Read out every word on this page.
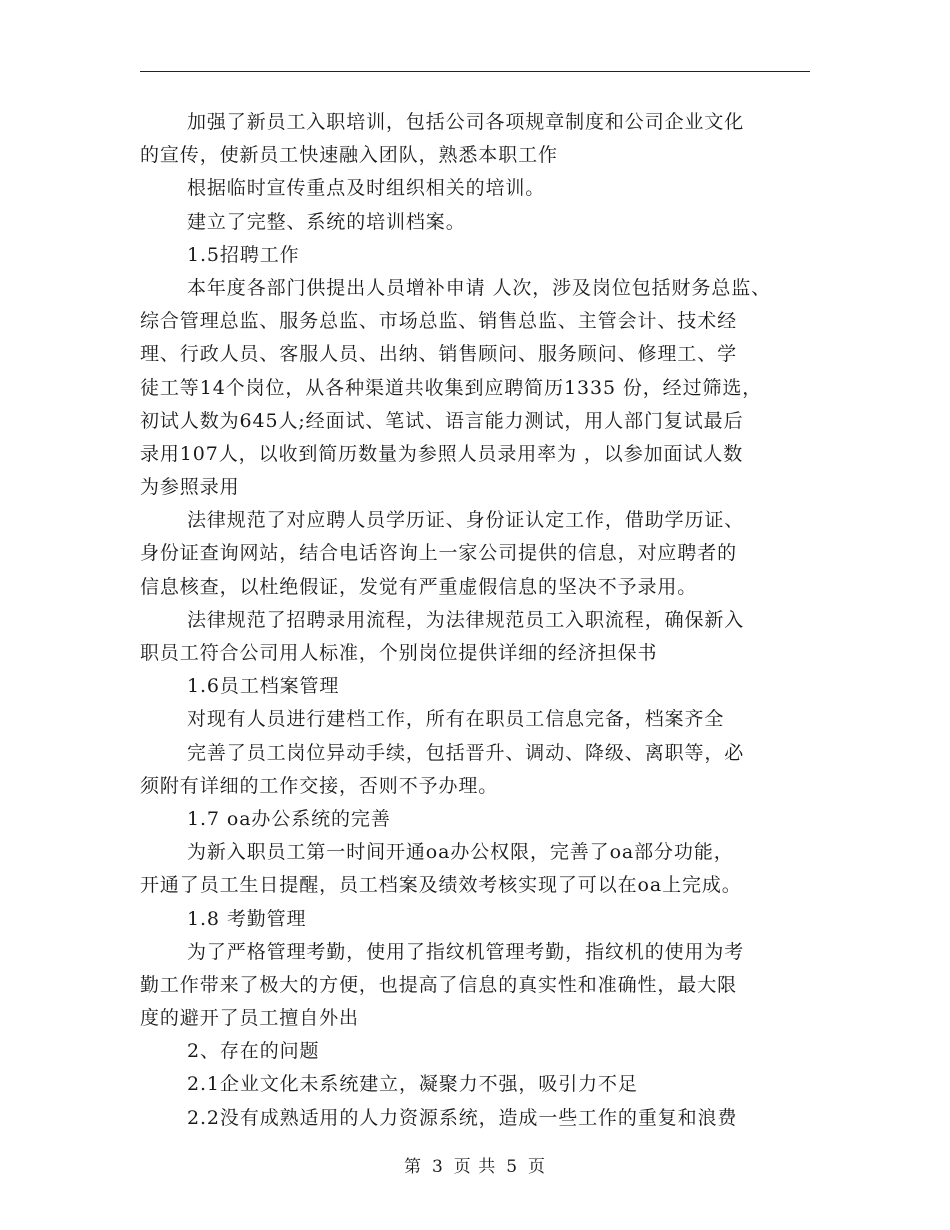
加强了新员工入职培训，包括公司各项规章制度和公司企业文化
的宣传，使新员工快速融入团队，熟悉本职工作
根据临时宣传重点及时组织相关的培训。
建立了完整、系统的培训档案。
1.5招聘工作
本年度各部门供提出人员增补申请 人次，涉及岗位包括财务总监、
综合管理总监、服务总监、市场总监、销售总监、主管会计、技术经
理、行政人员、客服人员、出纳、销售顾问、服务顾问、修理工、学
徒工等14个岗位，从各种渠道共收集到应聘简历1335 份，经过筛选，
初试人数为645人;经面试、笔试、语言能力测试，用人部门复试最后
录用107人，以收到简历数量为参照人员录用率为 ，以参加面试人数
为参照录用
法律规范了对应聘人员学历证、身份证认定工作，借助学历证、
身份证查询网站，结合电话咨询上一家公司提供的信息，对应聘者的
信息核查，以杜绝假证，发觉有严重虚假信息的坚决不予录用。
法律规范了招聘录用流程，为法律规范员工入职流程，确保新入
职员工符合公司用人标准，个别岗位提供详细的经济担保书
1.6员工档案管理
对现有人员进行建档工作，所有在职员工信息完备，档案齐全
完善了员工岗位异动手续，包括晋升、调动、降级、离职等，必
须附有详细的工作交接，否则不予办理。
1.7 oa办公系统的完善
为新入职员工第一时间开通oa办公权限，完善了oa部分功能，
开通了员工生日提醒，员工档案及绩效考核实现了可以在oa上完成。
1.8 考勤管理
为了严格管理考勤，使用了指纹机管理考勤，指纹机的使用为考
勤工作带来了极大的方便，也提高了信息的真实性和准确性，最大限
度的避开了员工擅自外出
2、存在的问题
2.1企业文化未系统建立，凝聚力不强，吸引力不足
2.2没有成熟适用的人力资源系统，造成一些工作的重复和浪费
第 3 页 共 5 页
